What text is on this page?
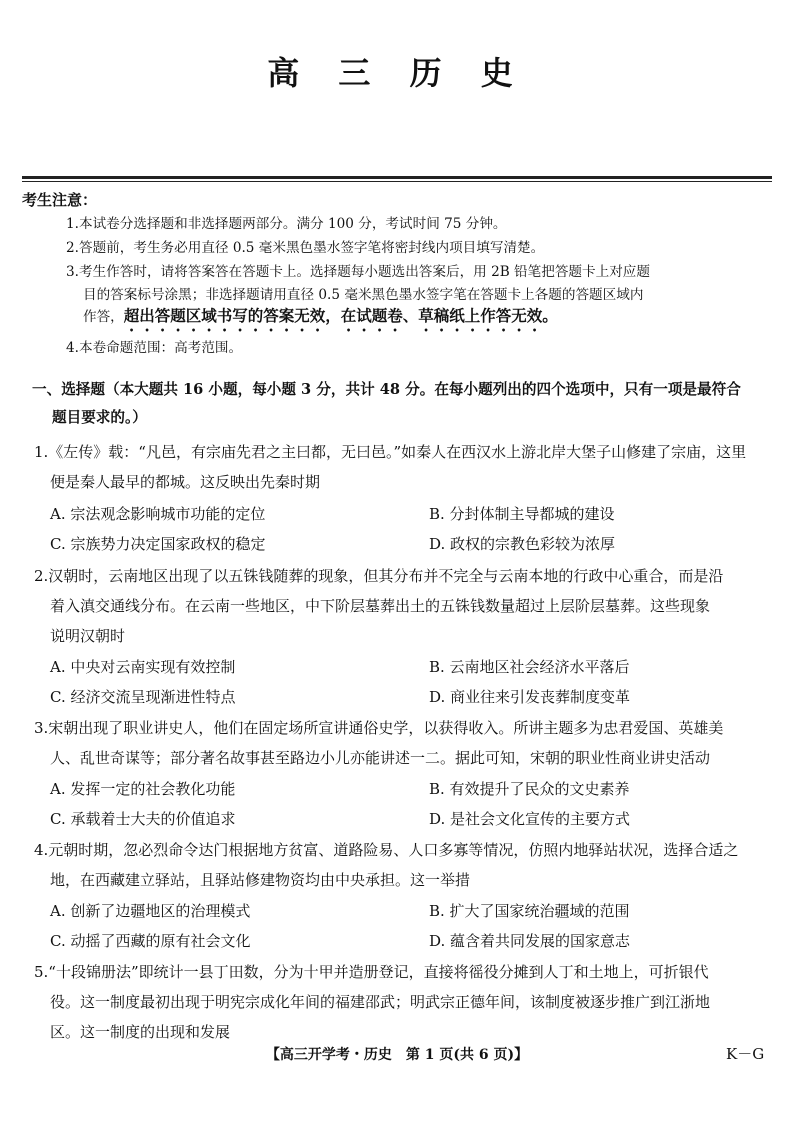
高 三 历 史
考生注意：
1.本试卷分选择题和非选择题两部分。满分 100 分，考试时间 75 分钟。
2.答题前，考生务必用直径 0.5 毫米黑色墨水签字笔将密封线内项目填写清楚。
3.考生作答时，请将答案答在答题卡上。选择题每小题选出答案后，用 2B 铅笔把答题卡上对应题
目的答案标号涂黑；非选择题请用直径 0.5 毫米黑色墨水签字笔在答题卡上各题的答题区域内
作答，超出答题区域书写的答案无效，在试题卷、草稿纸上作答无效。
4.本卷命题范围：高考范围。
一、选择题（本大题共 16 小题，每小题 3 分，共计 48 分。在每小题列出的四个选项中，只有一项是最符合
题目要求的。）
1.《左传》载：“凡邑，有宗庙先君之主曰都，无曰邑。”如秦人在西汉水上游北岸大堡子山修建了宗庙，这里
便是秦人最早的都城。这反映出先秦时期
A. 宗法观念影响城市功能的定位	B. 分封体制主导都城的建设
C. 宗族势力决定国家政权的稳定	D. 政权的宗教色彩较为浓厚
2.汉朝时，云南地区出现了以五铢钱随葬的现象，但其分布并不完全与云南本地的行政中心重合，而是沿
着入滇交通线分布。在云南一些地区，中下阶层墓葬出土的五铢钱数量超过上层阶层墓葬。这些现象
说明汉朝时
A. 中央对云南实现有效控制	B. 云南地区社会经济水平落后
C. 经济交流呈现渐进性特点	D. 商业往来引发丧葬制度变革
3.宋朝出现了职业讲史人，他们在固定场所宣讲通俗史学，以获得收入。所讲主题多为忠君爱国、英雄美
人、乱世奇谋等；部分著名故事甚至路边小儿亦能讲述一二。据此可知，宋朝的职业性商业讲史活动
A. 发挥一定的社会教化功能	B. 有效提升了民众的文史素养
C. 承载着士大夫的价值追求	D. 是社会文化宣传的主要方式
4.元朝时期，忽必烈命令达门根据地方贫富、道路险易、人口多寡等情况，仿照内地驿站状况，选择合适之
地，在西藏建立驿站，且驿站修建物资均由中央承担。这一举措
A. 创新了边疆地区的治理模式	B. 扩大了国家统治疆域的范围
C. 动摇了西藏的原有社会文化	D. 蕴含着共同发展的国家意志
5.“十段锦册法”即统计一县丁田数，分为十甲并造册登记，直接将徭役分摊到人丁和土地上，可折银代
役。这一制度最初出现于明宪宗成化年间的福建邵武；明武宗正德年间，该制度被逐步推广到江浙地
区。这一制度的出现和发展
【高三开学考・历史　第 1 页(共 6 页)】	K－G
